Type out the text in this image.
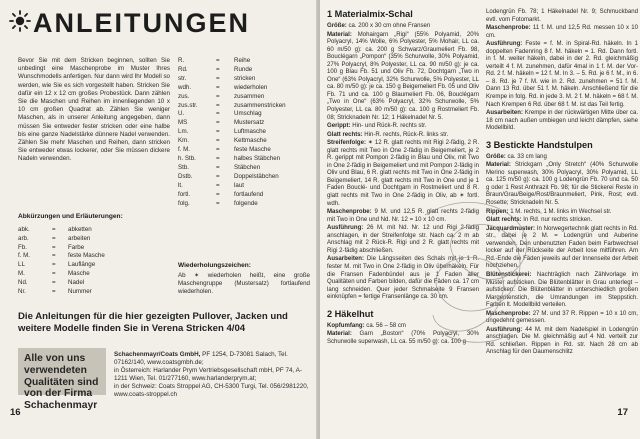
ANLEITUNGEN
Bevor Sie mit dem Stricken beginnen, sollten Sie unbedingt eine Maschenprobe im Muster Ihres Wunschmodells anfertigen. Nur dann wird Ihr Modell so werden, wie Sie es sich vorgestellt haben. Stricken Sie dafür ein 12 x 12 cm großes Probestück. Dann zählen Sie die Maschen und Reihen im innenliegenden 10 x 10 cm großen Quadrat ab. Zählen Sie weniger Maschen, als in unserer Anleitung angegeben, dann müssen Sie entweder fester stricken oder eine halbe bis eine ganze Nadelstärke dünnere Nadel verwenden. Zählen Sie mehr Maschen und Reihen, dann stricken Sie entweder etwas lockerer, oder Sie müssen dickere Nadeln verwenden.
Abkürzungen und Erläuterungen:
abk.	=	abketten
arb.	=	arbeiten
Fb.	=	Farbe
f. M.	=	feste Masche
LL	=	Lauflänge
M.	=	Masche
Nd.	=	Nadel
Nr.	=	Nummer
R.	=	Reihe
Rd.	=	Runde
str.	=	stricken
wdh.	=	wiederholen
zus.	=	zusammen
zus.str.	=	zusammenstricken
U.	=	Umschlag
MS	=	Mustersatz
Lm.	=	Luftmasche
Km.	=	Kettmasche
f. M.	=	feste Masche
h. Stb.	=	halbes Stäbchen
Stb.	=	Stäbchen
Dstb.	=	Doppelstäbchen
lt.	=	laut
fortl.	=	fortlaufend
folg.	=	folgende
Wiederholungszeichen:
Ab ✶ wiederholen heißt, eine große Maschengruppe (Mustersatz) fortlaufend wiederholen.
Die Anleitungen für die hier gezeigten Pullover, Jacken und weitere Modelle finden Sie in Verena Stricken 4/04
Alle von uns verwendeten Qualitäten sind von der Firma Schachenmayr
Schachenmayr/Coats GmbH, PF 1254, D-73081 Salach, Tel. 07162/140, www.coatsgmbh.de;
in Österreich: Harlander Prym Vertriebsgesellschaft mbH, PF 74, A-1211 Wien, Tel. 01/277160, www.harlanderprym.at;
in der Schweiz: Coats Stroppel AG, CH-5300 Turgi, Tel. 056/2981220, www.coats-stroppel.ch
16
1 Materialmix-Schal
Größe: ca. 200 x 30 cm ohne Fransen
Material: Mohairgarn „Rigi“ (55% Polyamid, 20% Polyacryl, 14% Wolle, 6% Polyester, 5% Mohair, LL ca. 60 m/50 g): ca. 200 g Schwarz/Graumeliert Fb. 98, Bouclégarn „Pompon“ (35% Schurwolle, 30% Polyamid, 27% Polyacryl, 8% Polyester, LL ca. 90 m/50 g): je ca. 100 g Blau Fb. 51 und Oliv Fb. 72, Dochtgarn „Two in One“ (63% Polyacryl, 32% Schurwolle, 5% Polyester, LL ca. 80 m/50 g): je ca. 150 g Beigemeliert Fb. 05 und Oliv Fb. 71 und ca. 100 g Blaumeliert Fb. 06, Bouclégarn „Two in One“ (63% Polyacryl, 32% Schurwolle, 5% Polyester, LL ca. 80 m/50 g): ca. 100 g Rostmeliert Fb. 08; Stricknadeln Nr. 12; 1 Häkelnadel Nr. 5.
Gerippt: Hin- und Rück-R. rechts str.
Glatt rechts: Hin-R. rechts, Rück-R. links str.
Streifenfolge: ✶ 12 R. glatt rechts mit Rigi 2-fädig, 2 R. glatt rechts mit Two in One 2-fädig in Beigemeliert, je 2 R. gerippt mit Pompon 2-fädig in Blau und Oliv, mit Two in One 2-fädig in Beigemeliert und mit Pompon 2-fädig in Oliv und Blau, 6 R. glatt rechts mit Two in One 2-fädig in Beigemeliert, 14 R. glatt rechts mit Two in One und je 1 Faden Bouclé- und Dochtgarn in Rostmeliert und 8 R. glatt rechts mit Two in One 2-fädig in Oliv, ab ✶ fortl. wdh.
Maschenprobe: 9 M. und 12,5 R. glatt rechts 2-fädig mit Two in One und Nd. Nr. 12 = 10 x 10 cm.
Ausführung: 26 M. mit Nd. Nr. 12 und Rigi 2-fädig anschlagen, in der Streifenfolge str. Nach ca. 2 m ab Anschlag mit 2 Rück-R. Rigi und 2 R. glatt rechts mit Rigi 2-fädig abschließen.
Ausarbeiten: Die Längsseiten des Schals mit je 1 R. fester M. mit Two in One 2-fädig in Oliv überhäkeln. Für die Fransen Fadenbündel aus je 1 Faden aller Qualitäten und Farben bilden, dafür die Fäden ca. 17 cm lang schneiden. Quer jeder Schmalseite 9 Fransen einknüpfen = fertige Fransenlänge ca. 30 cm.
2 Häkelhut
Kopfumfang: ca. 56 – 58 cm
Material: Garn „Boston“ (70% Polyacryl, 30% Schurwolle superwash, LL ca. 55 m/50 g): ca. 100 g
Lodengrün Fb. 78; 1 Häkelnadel Nr. 9; Schmuckband evtl. vom Fotomarkt.
Maschenprobe: 11 f. M. und 12,5 Rd. messen 10 x 10 cm.
Ausführung: Feste = f. M. in Spiral-Rd. häkeln. In 1 doppelten Fadenring 8 f. M. häkeln = 1. Rd. Dann fortl. in f. M. weiter häkeln, dabei in der 2. Rd. gleichmäßig verteilt 4 f. M. zunehmen, dafür 4mal in 1 f. M. der Vor-Rd. 2 f. M. häkeln = 12 f. M. In 3. – 5. Rd. je 6 f. M., in 6. – 8. Rd. je 7 f. M. wie in 2. Rd. zunehmen = 51 f. M. Dann 13 Rd. über 51 f. M. häkeln. Anschließend für die Krempe in folg. Rd. in jede 3. M. 2 f. M. häkeln = 68 f. M. Nach Krempen 6 Rd. über 68 f. M. ist das Teil fertig.
Ausarbeiten: Krempe in der rückwärtigen Mitte über ca. 18 cm nach außen umbiegen und leicht dämpfen, siehe Modellbild.
3 Bestickte Handstulpen
Größe: ca. 33 cm lang
Material: Strickgarn „Only Stretch“ (40% Schurwolle Merino superwash, 30% Polyacryl, 30% Polyamid, LL ca. 125 m/50 g): ca. 100 g Lodengrün Fb. 70 und ca. 50 g oder 1 Rest Anthrazit Fb. 98; für die Stickerei Reste in Braun/Grau/Beige/Rost/Braunmeliert, Pink, Rost; evtl. Rosette; Stricknadeln Nr. 5.
Rippen: 1 M. rechts, 1 M. links im Wechsel str.
Glatt rechts: In Rd. nur rechts stricken.
Jacquardmuster: In Norwegertechnik glatt rechts in Rd. str., dabei je 2 M. = Lodengrün und Auberine verwenden. Den unbenutzten Faden beim Farbwechsel locker auf der Rückseite der Arbeit lose mitführen. Am Rd.-Ende die Fäden jeweils auf der Innenseite der Arbeit hochziehen.
Blütenstickerei: Nachträglich nach Zählvorlage im Muster aufsticken. Die Blütenblätter in Grau unterlegt – aufsticken. Die Blütenblätter in unterschiedlich großen Margeritenstich, die Umrandungen im Steppstich. Farben lt. Modellbild verteilen.
Maschenprobe: 27 M. und 37 R. Rippen = 10 x 10 cm, ungedehnt gemessen.
Ausführung: 44 M. mit dem Nadelspiel in Lodengrün anschlagen. Die M. gleichmäßig auf 4 Nd. verteilt zur Rd. schließen. Rippen in Rd. str. Nach 28 cm ab Anschlag für den Daumenschlitz
17
